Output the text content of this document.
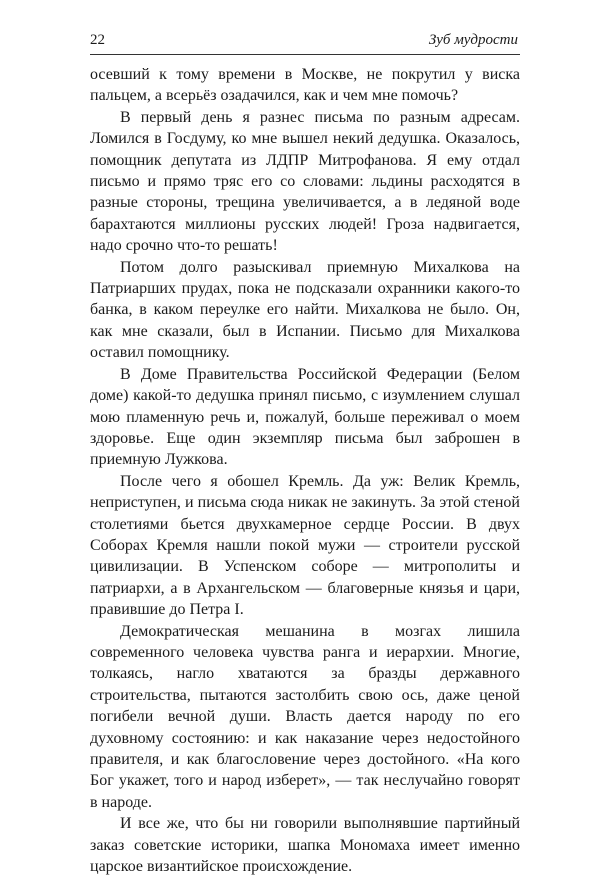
22	Зуб мудрости

осевший к тому времени в Москве, не покрутил у виска пальцем, а всерьёз озадачился, как и чем мне помочь?

В первый день я разнес письма по разным адресам. Ломился в Госдуму, ко мне вышел некий дедушка. Оказалось, помощник депутата из ЛДПР Митрофанова. Я ему отдал письмо и прямо тряс его со словами: льдины расходятся в разные стороны, трещина увеличивается, а в ледяной воде барахтаются миллионы русских людей! Гроза надвигается, надо срочно что-то решать!

Потом долго разыскивал приемную Михалкова на Патриарших прудах, пока не подсказали охранники какого-то банка, в каком переулке его найти. Михалкова не было. Он, как мне сказали, был в Испании. Письмо для Михалкова оставил помощнику.

В Доме Правительства Российской Федерации (Белом доме) какой-то дедушка принял письмо, с изумлением слушал мою пламенную речь и, пожалуй, больше переживал о моем здоровье. Еще один экземпляр письма был заброшен в приемную Лужкова.

После чего я обошел Кремль. Да уж: Велик Кремль, неприступен, и письма сюда никак не закинуть. За этой стеной столетиями бьется двухкамерное сердце России. В двух Соборах Кремля нашли покой мужи — строители русской цивилизации. В Успенском соборе — митрополиты и патриархи, а в Архангельском — благоверные князья и цари, правившие до Петра I.

Демократическая мешанина в мозгах лишила современного человека чувства ранга и иерархии. Многие, толкаясь, нагло хватаются за бразды державного строительства, пытаются застолбить свою ось, даже ценой погибели вечной души. Власть дается народу по его духовному состоянию: и как наказание через недостойного правителя, и как благословение через достойного. «На кого Бог укажет, того и народ изберет», — так неслучайно говорят в народе.

И все же, что бы ни говорили выполнявшие партийный заказ советские историки, шапка Мономаха имеет именно царское византийское происхождение.
